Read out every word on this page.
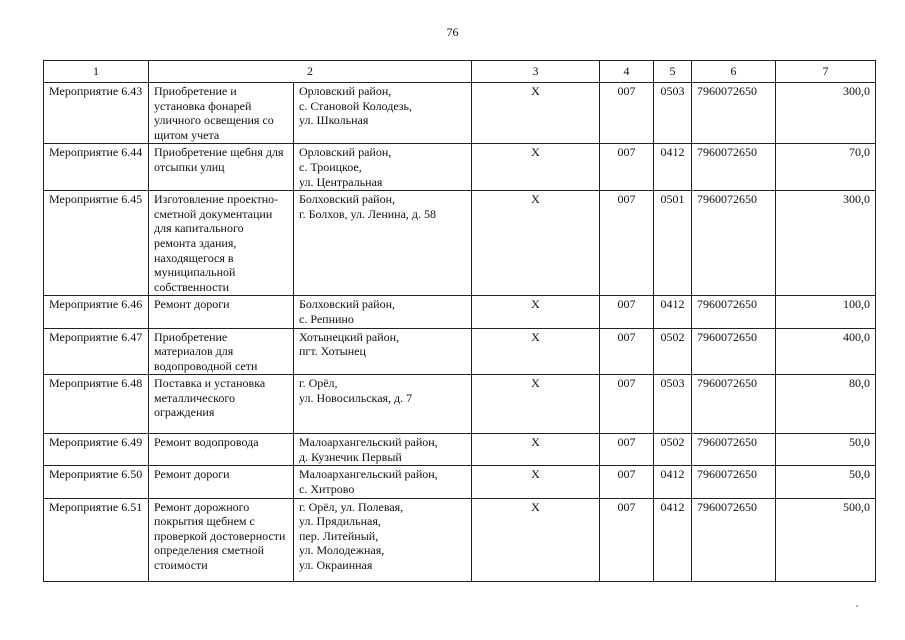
76
1	2		3	4	5	6	7
Мероприятие 6.43	Приобретение и установка фонарей уличного освещения со щитом учета	Орловский район,
с. Становой Колодезь,
ул. Школьная	X	007	0503	7960072650	300,0
Мероприятие 6.44	Приобретение щебня для отсыпки улиц	Орловский район,
с. Троицкое,
ул. Центральная	X	007	0412	7960072650	70,0
Мероприятие 6.45	Изготовление проектно-сметной документации для капитального ремонта здания, находящегося в муниципальной собственности	Болховский район,
г. Болхов, ул. Ленина, д. 58	X	007	0501	7960072650	300,0
Мероприятие 6.46	Ремонт дороги	Болховский район,
с. Репнино	X	007	0412	7960072650	100,0
Мероприятие 6.47	Приобретение материалов для водопроводной сети	Хотынецкий район,
пгт. Хотынец	X	007	0502	7960072650	400,0
Мероприятие 6.48	Поставка и установка металлического ограждения	г. Орёл,
ул. Новосильская, д. 7	X	007	0503	7960072650	80,0
Мероприятие 6.49	Ремонт водопровода	Малоархангельский район,
д. Кузнечик Первый	X	007	0502	7960072650	50,0
Мероприятие 6.50	Ремонт дороги	Малоархангельский район,
с. Хитрово	X	007	0412	7960072650	50,0
Мероприятие 6.51	Ремонт дорожного покрытия щебнем с проверкой достоверности определения сметной стоимости	г. Орёл, ул. Полевая,
ул. Прядильная,
пер. Литейный,
ул. Молодежная,
ул. Окраинная	X	007	0412	7960072650	500,0
